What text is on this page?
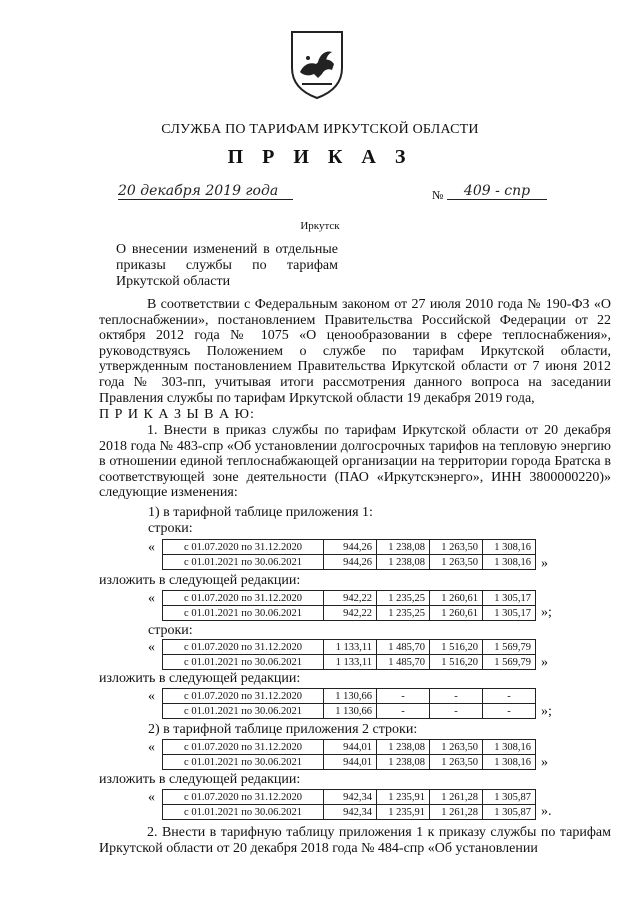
СЛУЖБА ПО ТАРИФАМ ИРКУТСКОЙ ОБЛАСТИ
П Р И К А З
20 декабря 2019 года	№	409 - спр
Иркутск
О внесении изменений в отдельные приказы службы по тарифам Иркутской области
В соответствии с Федеральным законом от 27 июля 2010 года № 190-ФЗ «О теплоснабжении», постановлением Правительства Российской Федерации от 22 октября 2012 года № 1075 «О ценообразовании в сфере теплоснабжения», руководствуясь Положением о службе по тарифам Иркутской области, утвержденным постановлением Правительства Иркутской области от 7 июня 2012 года № 303-пп, учитывая итоги рассмотрения данного вопроса на заседании Правления службы по тарифам Иркутской области 19 декабря 2019 года,
П Р И К А З Ы В А Ю:
1. Внести в приказ службы по тарифам Иркутской области от 20 декабря 2018 года № 483-спр «Об установлении долгосрочных тарифов на тепловую энергию в отношении единой теплоснабжающей организации на территории города Братска в соответствующей зоне деятельности (ПАО «Иркутскэнерго», ИНН 3800000220)» следующие изменения:
1) в тарифной таблице приложения 1:
строки:
«	с 01.07.2020 по 31.12.2020	944,26	1 238,08	1 263,50	1 308,16
с 01.01.2021 по 30.06.2021	944,26	1 238,08	1 263,50	1 308,16 »
изложить в следующей редакции:
«	с 01.07.2020 по 31.12.2020	942,22	1 235,25	1 260,61	1 305,17
с 01.01.2021 по 30.06.2021	942,22	1 235,25	1 260,61	1 305,17 »;
строки:
«	с 01.07.2020 по 31.12.2020	1 133,11	1 485,70	1 516,20	1 569,79
с 01.01.2021 по 30.06.2021	1 133,11	1 485,70	1 516,20	1 569,79 »
изложить в следующей редакции:
«	с 01.07.2020 по 31.12.2020	1 130,66	-	-	-
с 01.01.2021 по 30.06.2021	1 130,66	-	-	- »;
2) в тарифной таблице приложения 2 строки:
«	с 01.07.2020 по 31.12.2020	944,01	1 238,08	1 263,50	1 308,16
с 01.01.2021 по 30.06.2021	944,01	1 238,08	1 263,50	1 308,16 »
изложить в следующей редакции:
«	с 01.07.2020 по 31.12.2020	942,34	1 235,91	1 261,28	1 305,87
с 01.01.2021 по 30.06.2021	942,34	1 235,91	1 261,28	1 305,87 ».
2. Внести в тарифную таблицу приложения 1 к приказу службы по тарифам Иркутской области от 20 декабря 2018 года № 484-спр «Об установлении
